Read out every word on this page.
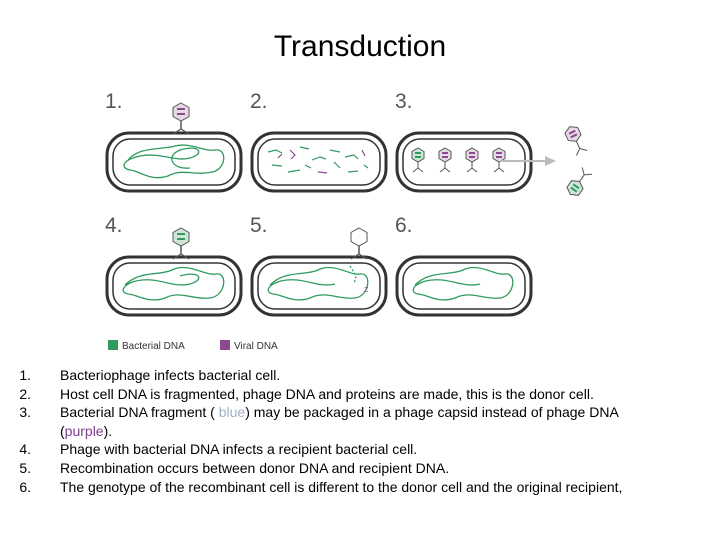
Transduction
1.	2.	3.
4.	5.	6.
z
Bacterial DNA	Viral DNA
1. Bacteriophage infects bacterial cell.
2. Host cell DNA is fragmented, phage DNA and proteins are made, this is the donor cell.
3. Bacterial DNA fragment ( blue) may be packaged in a phage capsid instead of phage DNA
(purple).
4. Phage with bacterial DNA infects a recipient bacterial cell.
5. Recombination occurs between donor DNA and recipient DNA.
6. The genotype of the recombinant cell is different to the donor cell and the original recipient,
